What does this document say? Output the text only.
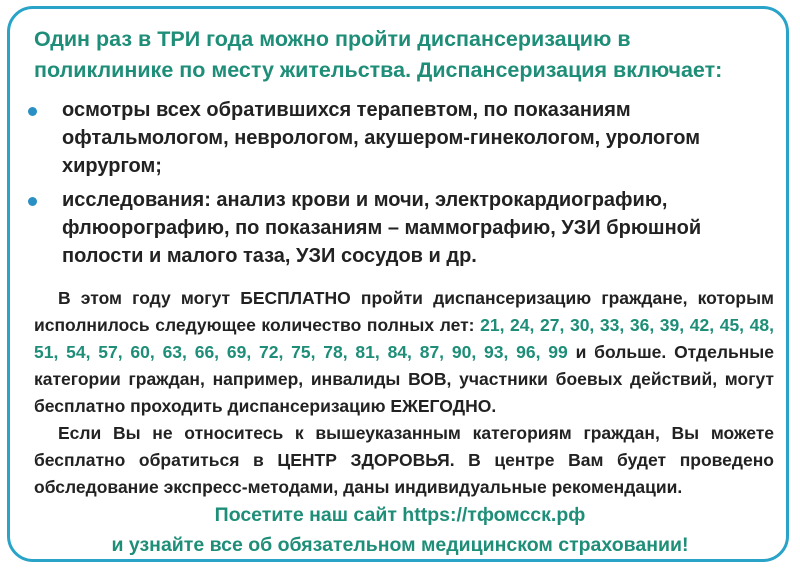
Один раз в ТРИ года можно пройти диспансеризацию в поликлинике по месту жительства. Диспансеризация включает:

осмотры всех обратившихся терапевтом, по показаниям офтальмологом, неврологом, акушером-гинекологом, урологом хирургом;
исследования: анализ крови и мочи, электрокардиографию, флюорографию, по показаниям – маммографию, УЗИ брюшной полости и малого таза, УЗИ сосудов и др.

В этом году могут БЕСПЛАТНО пройти диспансеризацию граждане, которым исполнилось следующее количество полных лет: 21, 24, 27, 30, 33, 36, 39, 42, 45, 48, 51, 54, 57, 60, 63, 66, 69, 72, 75, 78, 81, 84, 87, 90, 93, 96, 99 и больше. Отдельные категории граждан, например, инвалиды ВОВ, участники боевых действий, могут бесплатно проходить диспансеризацию ЕЖЕГОДНО.

Если Вы не относитесь к вышеуказанным категориям граждан, Вы можете бесплатно обратиться в ЦЕНТР ЗДОРОВЬЯ. В центре Вам будет проведено обследование экспресс-методами, даны индивидуальные рекомендации.

Посетите наш сайт https://тфомсск.рф

и узнайте все об обязательном медицинском страховании!
